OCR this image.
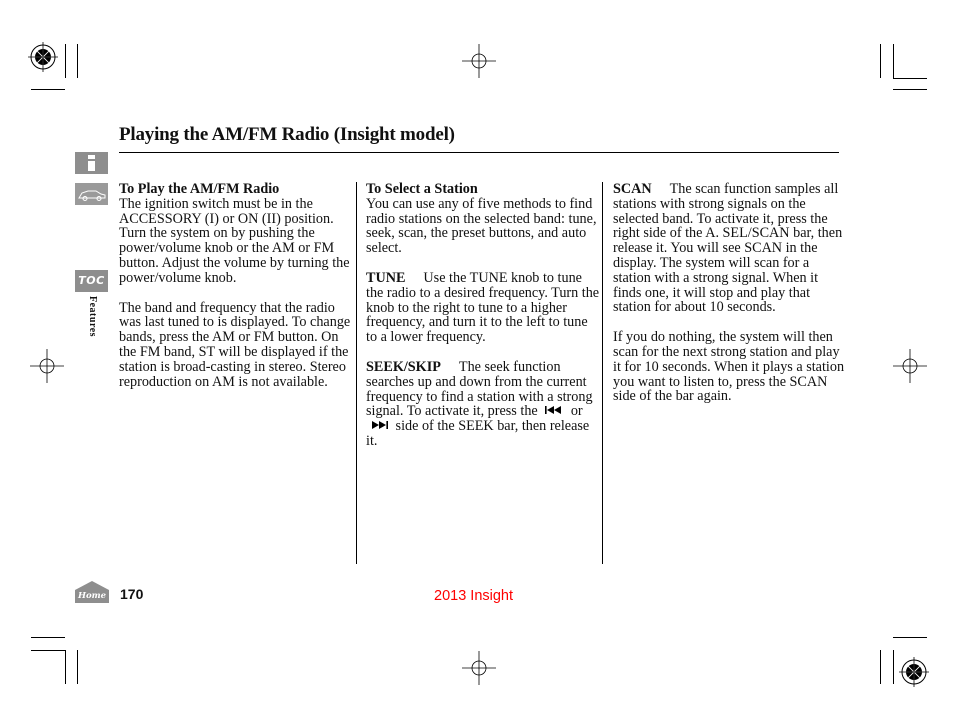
Playing the AM/FM Radio (Insight model)
TOC
Features

To Play the AM/FM Radio
The ignition switch must be in the ACCESSORY (I) or ON (II) position. Turn the system on by pushing the power/volume knob or the AM or FM button. Adjust the volume by turning the power/volume knob.

The band and frequency that the radio was last tuned to is displayed. To change bands, press the AM or FM button. On the FM band, ST will be displayed if the station is broad-casting in stereo. Stereo reproduction on AM is not available.

To Select a Station
You can use any of five methods to find radio stations on the selected band: tune, seek, scan, the preset buttons, and auto select.

TUNE Use the TUNE knob to tune the radio to a desired frequency. Turn the knob to the right to tune to a higher frequency, and turn it to the left to tune to a lower frequency.

SEEK/SKIP The seek function searches up and down from the current frequency to find a station with a strong signal. To activate it, press the or  side of the SEEK bar, then release it.

SCAN The scan function samples all stations with strong signals on the selected band. To activate it, press the right side of the A. SEL/SCAN bar, then release it. You will see SCAN in the display. The system will scan for a station with a strong signal. When it finds one, it will stop and play that station for about 10 seconds.

If you do nothing, the system will then scan for the next strong station and play it for 10 seconds. When it plays a station you want to listen to, press the SCAN side of the bar again.

Home 170	2013 Insight
